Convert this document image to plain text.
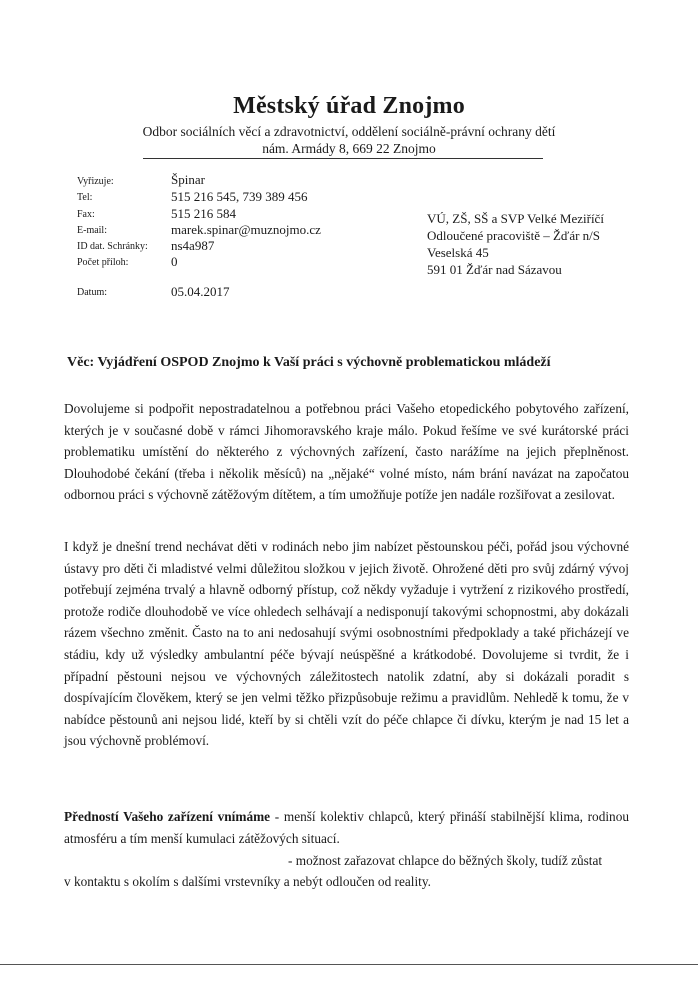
Městský úřad Znojmo
Odbor sociálních věcí a zdravotnictví, oddělení sociálně-právní ochrany dětí
nám. Armády 8, 669 22 Znojmo
Vyřizuje:	Špinar
Tel:	515 216 545, 739 389 456
Fax:	515 216 584
E-mail:	marek.spinar@muznojmo.cz
ID dat. Schránky: ns4a987
Počet příloh:	0
Datum:	05.04.2017
VÚ, ZŠ, SŠ a SVP Velké Meziříčí
Odloučené pracoviště – Žďár n/S
Veselská 45
591 01 Žďár nad Sázavou
Věc: Vyjádření OSPOD Znojmo k Vaší práci s výchovně problematickou mládeží
Dovolujeme si podpořit nepostradatelnou a potřebnou práci Vašeho etopedického pobytového zařízení, kterých je v současné době v rámci Jihomoravského kraje málo. Pokud řešíme ve své kurátorské práci problematiku umístění do některého z výchovných zařízení, často narážíme na jejich přeplněnost. Dlouhodobé čekání (třeba i několik měsíců) na „nějaké“ volné místo, nám brání navázat na započatou odbornou práci s výchovně zátěžovým dítětem, a tím umožňuje potíže jen nadále rozšiřovat a zesilovat.
I když je dnešní trend nechávat děti v rodinách nebo jim nabízet pěstounskou péči, pořád jsou výchovné ústavy pro děti či mladistvé velmi důležitou složkou v jejich životě. Ohrožené děti pro svůj zdárný vývoj potřebují zejména trvalý a hlavně odborný přístup, což někdy vyžaduje i vytržení z rizikového prostředí, protože rodiče dlouhodobě ve více ohledech selhávají a nedisponují takovými schopnostmi, aby dokázali rázem všechno změnit. Často na to ani nedosahují svými osobnostními předpoklady a také přicházejí ve stádiu, kdy už výsledky ambulantní péče bývají neúspěšné a krátkodobé. Dovolujeme si tvrdit, že i případní pěstouni nejsou ve výchovných záležitostech natolik zdatní, aby si dokázali poradit s dospívajícím člověkem, který se jen velmi těžko přizpůsobuje režimu a pravidlům. Nehledě k tomu, že v nabídce pěstounů ani nejsou lidé, kteří by si chtěli vzít do péče chlapce či dívku, kterým je nad 15 let a jsou výchovně problémoví.
Předností Vašeho zařízení vnímáme - menší kolektiv chlapců, který přináší stabilnější klima, rodinou atmosféru a tím menší kumulaci zátěžových situací.
- možnost zařazovat chlapce do běžných školy, tudíž zůstat
v kontaktu s okolím s dalšími vrstevníky a nebýt odloučen od reality.
